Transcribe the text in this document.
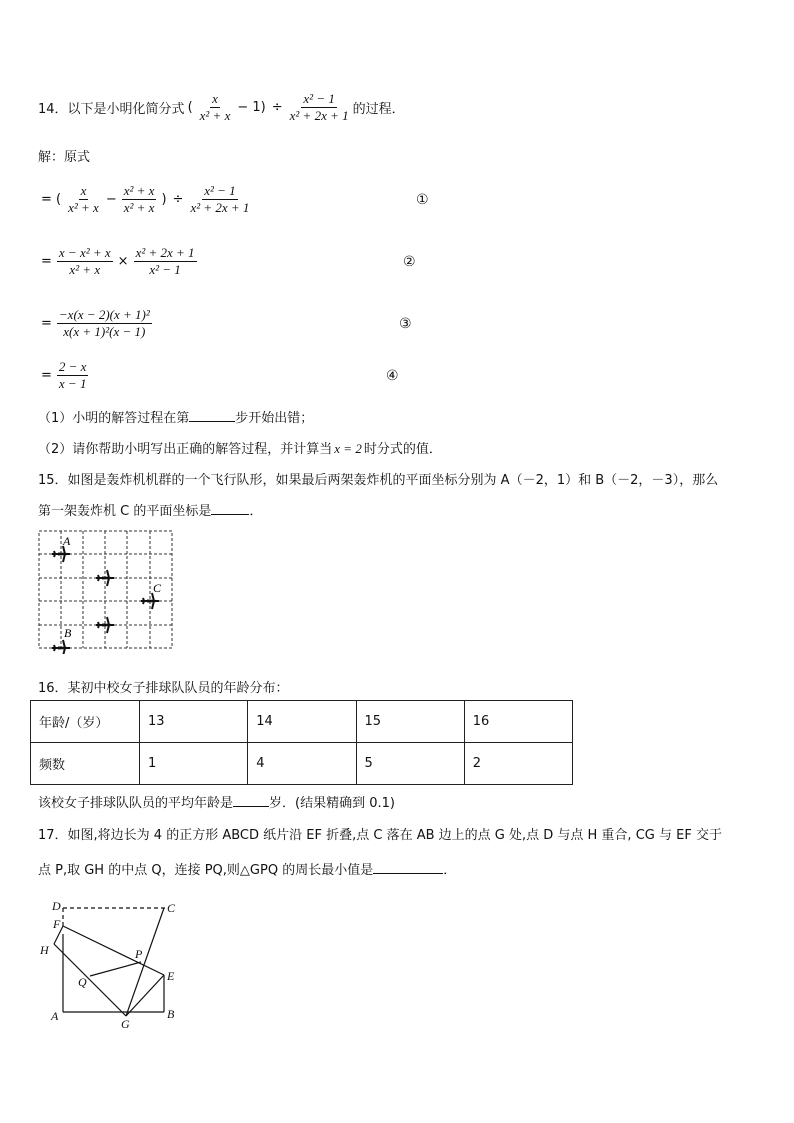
14． 以下是小明化简分式 ( $\frac{x}{\text{x² + x}} - 1) \div \frac{\text{x² − 1}}{\text{x² + 2x + 1}}$ 的过程．
解：原式
= ( $\frac{x}{\text{x² + x}} - \frac{\text{x² + x}}{\text{x² + x}}$ ) ÷ $\frac{\text{x² − 1}}{\text{x² + 2x + 1}}$	①
= $\frac{\text{x − x² + x}}{\text{x² + x}} \times \frac{\text{x² + 2x + 1}}{\text{x² − 1}}$	②
= $\frac{\text{−x(x − 2)(x + 1)²}}{\text{x(x + 1)²(x − 1)}}$	③
= $\frac{2 - x}{x - 1}$	④
（1）小明的解答过程在第	步开始出错；
（2）请你帮助小明写出正确的解答过程，并计算当 x = 2 时分式的值．
15．如图是轰炸机机群的一个飞行队形，如果最后两架轰炸机的平面坐标分别为 A（－2，1）和 B（－2，－3），那么
第一架轰炸机 C 的平面坐标是	．
A
C
B
16．某初中校女子排球队队员的年龄分布：
年龄/（岁）	13	14	15	16
频数	1	4	5	2
该校女子排球队队员的平均年龄是	岁．(结果精确到 0.1)
17．如图,将边长为 4 的正方形 ABCD 纸片沿 EF 折叠,点 C 落在 AB 边上的点 G 处,点 D 与点 H 重合, CG 与 EF 交于
点 P,取 GH 的中点 Q，连接 PQ,则△GPQ 的周长最小值是	．
D	C
F
H	P
Q	E
A
G
B
